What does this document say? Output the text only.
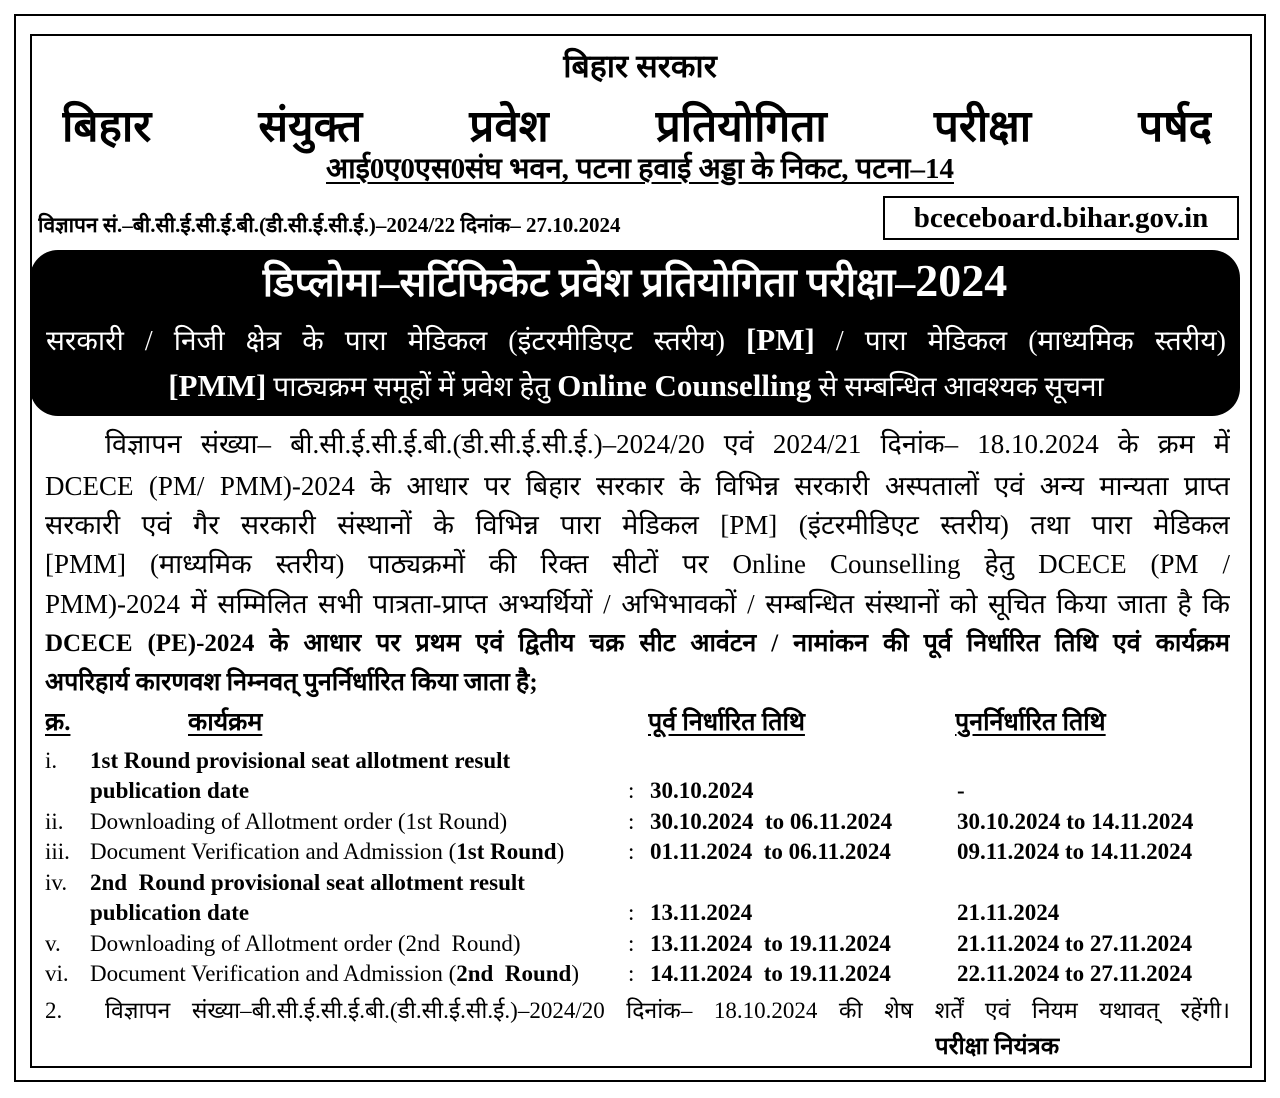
बिहार सरकार
बिहार संयुक्त प्रवेश प्रतियोगिता परीक्षा पर्षद
आई0ए0एस0संघ भवन, पटना हवाई अड्डा के निकट, पटना–14
विज्ञापन सं.–बी.सी.ई.सी.ई.बी.(डी.सी.ई.सी.ई.)–2024/22 दिनांक– 27.10.2024	bceceboard.bihar.gov.in
डिप्लोमा–सर्टिफिकेट प्रवेश प्रतियोगिता परीक्षा–2024
सरकारी / निजी क्षेत्र के पारा मेडिकल (इंटरमीडिएट स्तरीय) [PM] / पारा मेडिकल (माध्यमिक स्तरीय)
[PMM] पाठ्यक्रम समूहों में प्रवेश हेतु Online Counselling से सम्बन्धित आवश्यक सूचना
विज्ञापन संख्या– बी.सी.ई.सी.ई.बी.(डी.सी.ई.सी.ई.)–2024/20 एवं 2024/21 दिनांक– 18.10.2024 के क्रम में
DCECE (PM/ PMM)-2024 के आधार पर बिहार सरकार के विभिन्न सरकारी अस्पतालों एवं अन्य मान्यता प्राप्त
सरकारी एवं गैर सरकारी संस्थानों के विभिन्न पारा मेडिकल [PM] (इंटरमीडिएट स्तरीय) तथा पारा मेडिकल
[PMM] (माध्यमिक स्तरीय) पाठ्यक्रमों की रिक्त सीटों पर Online Counselling हेतु DCECE (PM /
PMM)-2024 में सम्मिलित सभी पात्रता-प्राप्त अभ्यर्थियों / अभिभावकों / सम्बन्धित संस्थानों को सूचित किया जाता है कि
DCECE (PE)-2024 के आधार पर प्रथम एवं द्वितीय चक्र सीट आवंटन / नामांकन की पूर्व निर्धारित तिथि एवं कार्यक्रम
अपरिहार्य कारणवश निम्नवत् पुनर्निर्धारित किया जाता है;
क्र.	कार्यक्रम	पूर्व निर्धारित तिथि	पुनर्निर्धारित तिथि
i.	1st Round provisional seat allotment result
publication date	: 30.10.2024	-
ii.	Downloading of Allotment order (1st Round)	: 30.10.2024  to 06.11.2024	30.10.2024 to 14.11.2024
iii. Document Verification and Admission (1st Round)	: 01.11.2024  to 06.11.2024	09.11.2024 to 14.11.2024
iv. 2nd  Round provisional seat allotment result
publication date	: 13.11.2024	21.11.2024
v.	Downloading of Allotment order (2nd  Round)	: 13.11.2024  to 19.11.2024	21.11.2024 to 27.11.2024
vi. Document Verification and Admission (2nd  Round)	: 14.11.2024  to 19.11.2024	22.11.2024 to 27.11.2024
2.	विज्ञापन संख्या–बी.सी.ई.सी.ई.बी.(डी.सी.ई.सी.ई.)–2024/20 दिनांक– 18.10.2024 की शेष शर्तें एवं नियम यथावत् रहेंगी।
परीक्षा नियंत्रक
